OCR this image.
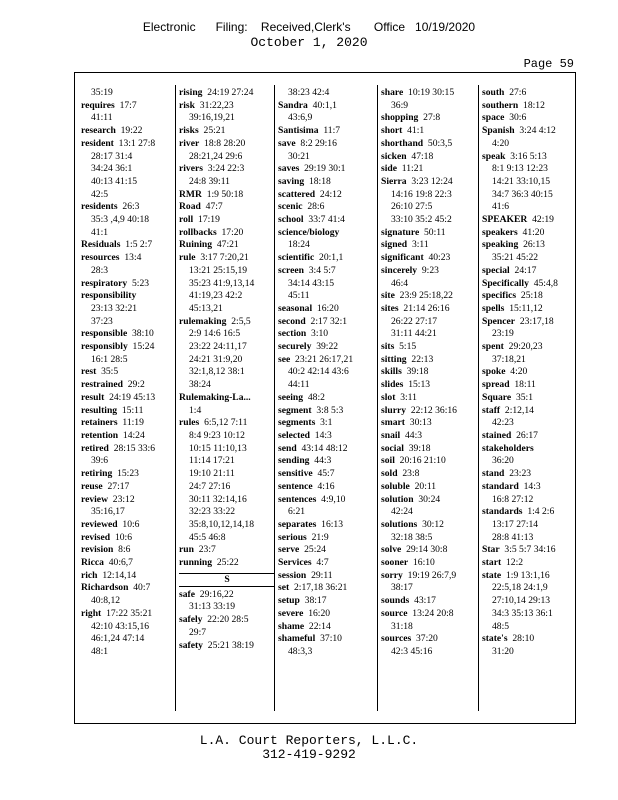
Electronic      Filing:    Received,Clerk's       Office   10/19/2020
October 1, 2020
Page 59
35:19
requires 17:7
41:11
research 19:22
resident 13:1 27:8
28:17 31:4
34:24 36:1
40:13 41:15
42:5
residents 26:3
35:3 ,4,9 40:18
41:1
Residuals 1:5 2:7
resources 13:4
28:3
respiratory 5:23
responsibility
23:13 32:21
37:23
responsible 38:10
responsibly 15:24
16:1 28:5
rest 35:5
restrained 29:2
result 24:19 45:13
resulting 15:11
retainers 11:19
retention 14:24
retired 28:15 33:6
39:6
retiring 15:23
reuse 27:17
review 23:12
35:16,17
reviewed 10:6
revised 10:6
revision 8:6
Ricca 40:6,7
rich 12:14,14
Richardson 40:7
40:8,12
right 17:22 35:21
42:10 43:15,16
46:1,24 47:14
48:1
rising 24:19 27:24
risk 31:22,23
39:16,19,21
risks 25:21
river 18:8 28:20
28:21,24 29:6
rivers 3:24 22:3
24:8 39:11
RMR 1:9 50:18
Road 47:7
roll 17:19
rollbacks 17:20
Ruining 47:21
rule 3:17 7:20,21
13:21 25:15,19
35:23 41:9,13,14
41:19,23 42:2
45:13,21
rulemaking 2:5,5
2:9 14:6 16:5
23:22 24:11,17
24:21 31:9,20
32:1,8,12 38:1
38:24
Rulemaking-La...
1:4
rules 6:5,12 7:11
8:4 9:23 10:12
10:15 11:10,13
11:14 17:21
19:10 21:11
24:7 27:16
30:11 32:14,16
32:23 33:22
35:8,10,12,14,18
45:5 46:8
run 23:7
running 25:22
S
safe 29:16,22
31:13 33:19
safely 22:20 28:5
29:7
safety 25:21 38:19
38:23 42:4
Sandra 40:1,1
43:6,9
Santisima 11:7
save 8:2 29:16
30:21
saves 29:19 30:1
saving 18:18
scattered 24:12
scenic 28:6
school 33:7 41:4
science/biology
18:24
scientific 20:1,1
screen 3:4 5:7
34:14 43:15
45:11
seasonal 16:20
second 2:17 32:1
section 3:10
securely 39:22
see 23:21 26:17,21
40:2 42:14 43:6
44:11
seeing 48:2
segment 3:8 5:3
segments 3:1
selected 14:3
send 43:14 48:12
sending 44:3
sensitive 45:7
sentence 4:16
sentences 4:9,10
6:21
separates 16:13
serious 21:9
serve 25:24
Services 4:7
session 29:11
set 2:17,18 36:21
setup 38:17
severe 16:20
shame 22:14
shameful 37:10
48:3,3
share 10:19 30:15
36:9
shopping 27:8
short 41:1
shorthand 50:3,5
sicken 47:18
side 11:21
Sierra 3:23 12:24
14:16 19:8 22:3
26:10 27:5
33:10 35:2 45:2
signature 50:11
signed 3:11
significant 40:23
sincerely 9:23
46:4
site 23:9 25:18,22
sites 21:14 26:16
26:22 27:17
31:11 44:21
sits 5:15
sitting 22:13
skills 39:18
slides 15:13
slot 3:11
slurry 22:12 36:16
smart 30:13
snail 44:3
social 39:18
soil 20:16 21:10
sold 23:8
soluble 20:11
solution 30:24
42:24
solutions 30:12
32:18 38:5
solve 29:14 30:8
sooner 16:10
sorry 19:19 26:7,9
38:17
sounds 43:17
source 13:24 20:8
31:18
sources 37:20
42:3 45:16
south 27:6
southern 18:12
space 30:6
Spanish 3:24 4:12
4:20
speak 3:16 5:13
8:1 9:13 12:23
14:21 33:10,15
34:7 36:3 40:15
41:6
SPEAKER 42:19
speakers 41:20
speaking 26:13
35:21 45:22
special 24:17
Specifically 45:4,8
specifics 25:18
spells 15:11,12
Spencer 23:17,18
23:19
spent 29:20,23
37:18,21
spoke 4:20
spread 18:11
Square 35:1
staff 2:12,14
42:23
stained 26:17
stakeholders
36:20
stand 23:23
standard 14:3
16:8 27:12
standards 1:4 2:6
13:17 27:14
28:8 41:13
Star 3:5 5:7 34:16
start 12:2
state 1:9 13:1,16
22:5,18 24:1,9
27:10,14 29:13
34:3 35:13 36:1
48:5
state's 28:10
31:20
L.A. Court Reporters, L.L.C.
312-419-9292
